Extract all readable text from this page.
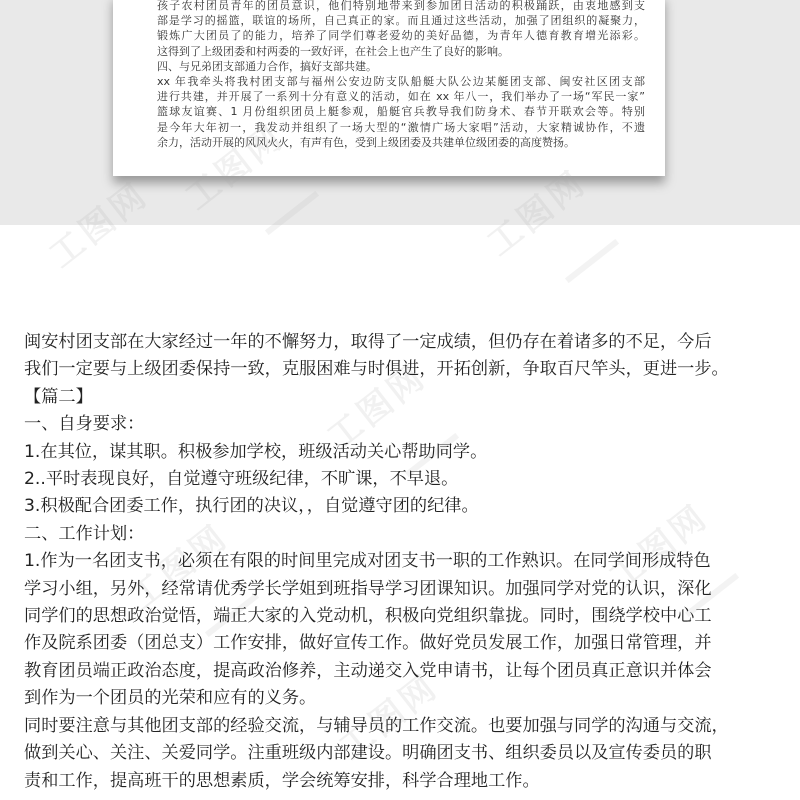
孩子农村团员青年的团员意识，他们特别地带来到参加团日活动的积极踊跃，由衷地感到支

部是学习的摇篮，联谊的场所，自己真正的家。而且通过这些活动，加强了团组织的凝聚力，

锻炼广大团员了的能力，培养了同学们尊老爱幼的美好品德，为青年人德育教育增光添彩。

这得到了上级团委和村两委的一致好评，在社会上也产生了良好的影响。

四、与兄弟团支部通力合作，搞好支部共建。

xx 年我牵头将我村团支部与福州公安边防支队船艇大队公边某艇团支部、闽安社区团支部

进行共建，并开展了一系列十分有意义的活动，如在 xx 年八一，我们举办了一场“军民一家”

篮球友谊赛、1 月份组织团员上艇参观，船艇官兵教导我们防身术、春节开联欢会等。特别

是今年大年初一，我发动并组织了一场大型的“激情广场大家唱”活动，大家精诚协作，不遗

余力，活动开展的风风火火，有声有色，受到上级团委及共建单位级团委的高度赞扬。

工图网
工图网
工图网	工图网
工图网

闽安村团支部在大家经过一年的不懈努力，取得了一定成绩，但仍存在着诸多的不足，今后

我们一定要与上级团委保持一致，克服困难与时俱进，开拓创新，争取百尺竿头，更进一步。

【篇二】

一、自身要求：

1.在其位，谋其职。积极参加学校，班级活动关心帮助同学。

2..平时表现良好，自觉遵守班级纪律，不旷课，不早退。

3.积极配合团委工作，执行团的决议，，自觉遵守团的纪律。

二、工作计划：

1.作为一名团支书，必须在有限的时间里完成对团支书一职的工作熟识。在同学间形成特色

学习小组，另外，经常请优秀学长学姐到班指导学习团课知识。加强同学对党的认识，深化

同学们的思想政治觉悟，端正大家的入党动机，积极向党组织靠拢。同时，围绕学校中心工

作及院系团委（团总支）工作安排，做好宣传工作。做好党员发展工作，加强日常管理，并

教育团员端正政治态度，提高政治修养，主动递交入党申请书，让每个团员真正意识并体会

到作为一个团员的光荣和应有的义务。

同时要注意与其他团支部的经验交流，与辅导员的工作交流。也要加强与同学的沟通与交流，

做到关心、关注、关爱同学。注重班级内部建设。明确团支书、组织委员以及宣传委员的职

责和工作，提高班干的思想素质，学会统筹安排，科学合理地工作。
